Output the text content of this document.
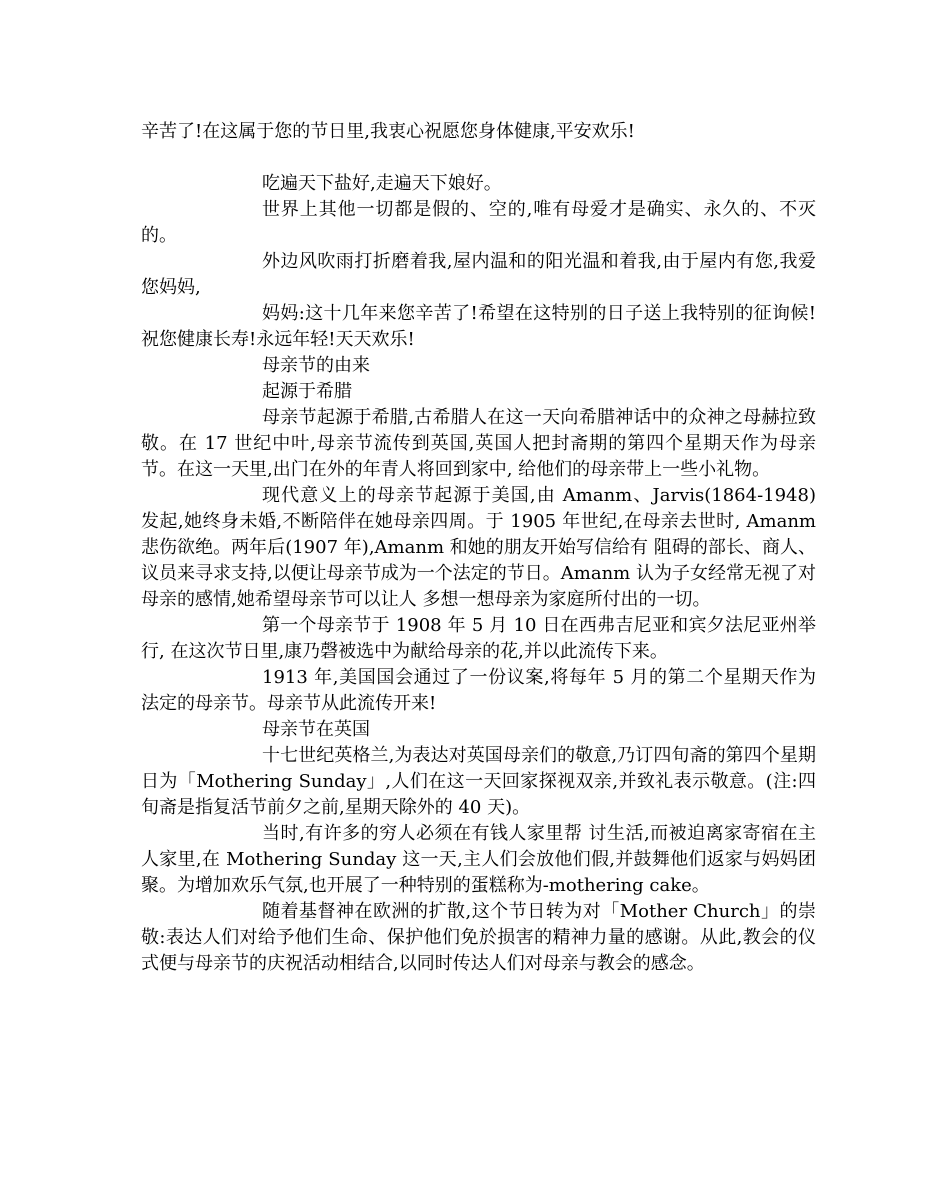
辛苦了!在这属于您的节日里,我衷心祝愿您身体健康,平安欢乐!

吃遍天下盐好,走遍天下娘好。

世界上其他一切都是假的、空的,唯有母爱才是确实、永久的、不灭的。

外边风吹雨打折磨着我,屋内温和的阳光温和着我,由于屋内有您,我爱您妈妈,

妈妈:这十几年来您辛苦了!希望在这特别的日子送上我特别的征询候!祝您健康长寿!永远年轻!天天欢乐!

母亲节的由来

起源于希腊

母亲节起源于希腊,古希腊人在这一天向希腊神话中的众神之母赫拉致敬。在 17 世纪中叶,母亲节流传到英国,英国人把封斋期的第四个星期天作为母亲节。在这一天里,出门在外的年青人将回到家中, 给他们的母亲带上一些小礼物。

现代意义上的母亲节起源于美国,由 Amanm、Jarvis(1864-1948) 发起,她终身未婚,不断陪伴在她母亲四周。于 1905 年世纪,在母亲去世时, Amanm 悲伤欲绝。两年后(1907 年),Amanm 和她的朋友开始写信给有 阻碍的部长、商人、议员来寻求支持,以便让母亲节成为一个法定的节日。Amanm 认为子女经常无视了对母亲的感情,她希望母亲节可以让人 多想一想母亲为家庭所付出的一切。

第一个母亲节于 1908 年 5 月 10 日在西弗吉尼亚和宾夕法尼亚州举行, 在这次节日里,康乃磬被选中为献给母亲的花,并以此流传下来。

1913 年,美国国会通过了一份议案,将每年 5 月的第二个星期天作为 法定的母亲节。母亲节从此流传开来!

母亲节在英国

十七世纪英格兰,为表达对英国母亲们的敬意,乃订四旬斋的第四个星期日为「Mothering Sunday」,人们在这一天回家探视双亲,并致礼表示敬意。(注:四旬斋是指复活节前夕之前,星期天除外的 40 天)。

当时,有许多的穷人必须在有钱人家里帮 讨生活,而被迫离家寄宿在主人家里,在 Mothering Sunday 这一天,主人们会放他们假,并鼓舞他们返家与妈妈团聚。为增加欢乐气氛,也开展了一种特别的蛋糕称为-mothering cake。

随着基督神在欧洲的扩散,这个节日转为对「Mother Church」的崇敬:表达人们对给予他们生命、保护他们免於损害的精神力量的感谢。从此,教会的仪式便与母亲节的庆祝活动相结合,以同时传达人们对母亲与教会的感念。
